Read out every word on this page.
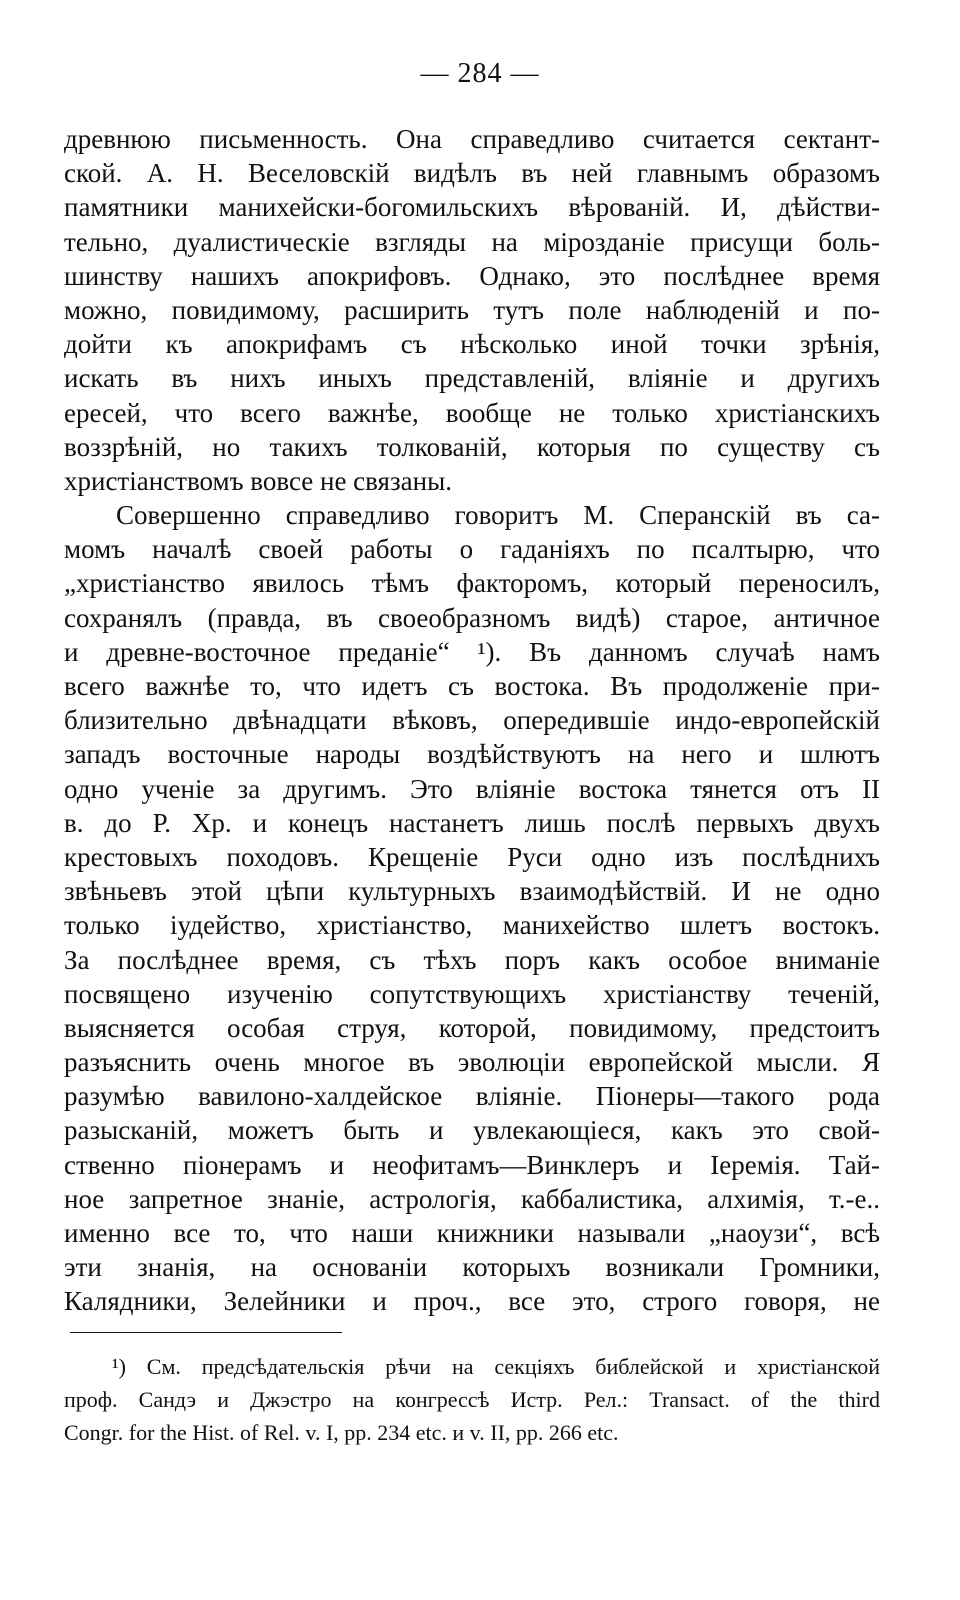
— 284 —
древнюю письменность. Она справедливо считается сектант-
ской. А. Н. Веселовскій видѣлъ въ ней главнымъ образомъ
памятники манихейски-богомильскихъ вѣрованій. И, дѣйстви-
тельно, дуалистическіе взгляды на мірозданіе присущи боль-
шинству нашихъ апокрифовъ. Однако, это послѣднее время
можно, повидимому, расширить тутъ поле наблюденій и по-
дойти къ апокрифамъ съ нѣсколько иной точки зрѣнія,
искать въ нихъ иныхъ представленій, вліяніе и другихъ
ересей, что всего важнѣе, вообще не только христіанскихъ
воззрѣній, но такихъ толкованій, которыя по существу съ
христіанствомъ вовсе не связаны.
Совершенно справедливо говоритъ М. Сперанскій въ са-
момъ началѣ своей работы о гаданіяхъ по псалтырю, что
„христіанство явилось тѣмъ факторомъ, который переносилъ,
сохранялъ (правда, въ своеобразномъ видѣ) старое, античное
и древне-восточное преданіе“ ¹). Въ данномъ случаѣ намъ
всего важнѣе то, что идетъ съ востока. Въ продолженіе при-
близительно двѣнадцати вѣковъ, опередившіе индо-европейскій
западъ восточные народы воздѣйствуютъ на него и шлютъ
одно ученіе за другимъ. Это вліяніе востока тянется отъ II
в. до Р. Хр. и конецъ настанетъ лишь послѣ первыхъ двухъ
крестовыхъ походовъ. Крещеніе Руси одно изъ послѣднихъ
звѣньевъ этой цѣпи культурныхъ взаимодѣйствій. И не одно
только іудейство, христіанство, манихейство шлетъ востокъ.
За послѣднее время, съ тѣхъ поръ какъ особое вниманіе
посвящено изученію сопутствующихъ христіанству теченій,
выясняется особая струя, которой, повидимому, предстоитъ
разъяснить очень многое въ эволюціи европейской мысли. Я
разумѣю вавилоно-халдейское вліяніе. Піонеры—такого рода
разысканій, можетъ быть и увлекающіеся, какъ это свой-
ственно піонерамъ и неофитамъ—Винклеръ и Іеремія. Тай-
ное запретное знаніе, астрологія, каббалистика, алхимія, т.-е..
именно все то, что наши книжники называли „наоузи“, всѣ
эти знанія, на основаніи которыхъ возникали Громники,
Калядники, Зелейники и проч., все это, строго говоря, не
¹) См. предсѣдательскія рѣчи на секціяхъ библейской и христіанской
проф. Сандэ и Джэстро на конгрессѣ Истр. Рел.: Transact. of the third
Congr. for the Hist. of Rel. v. I, pp. 234 etc. и v. II, pp. 266 etc.
